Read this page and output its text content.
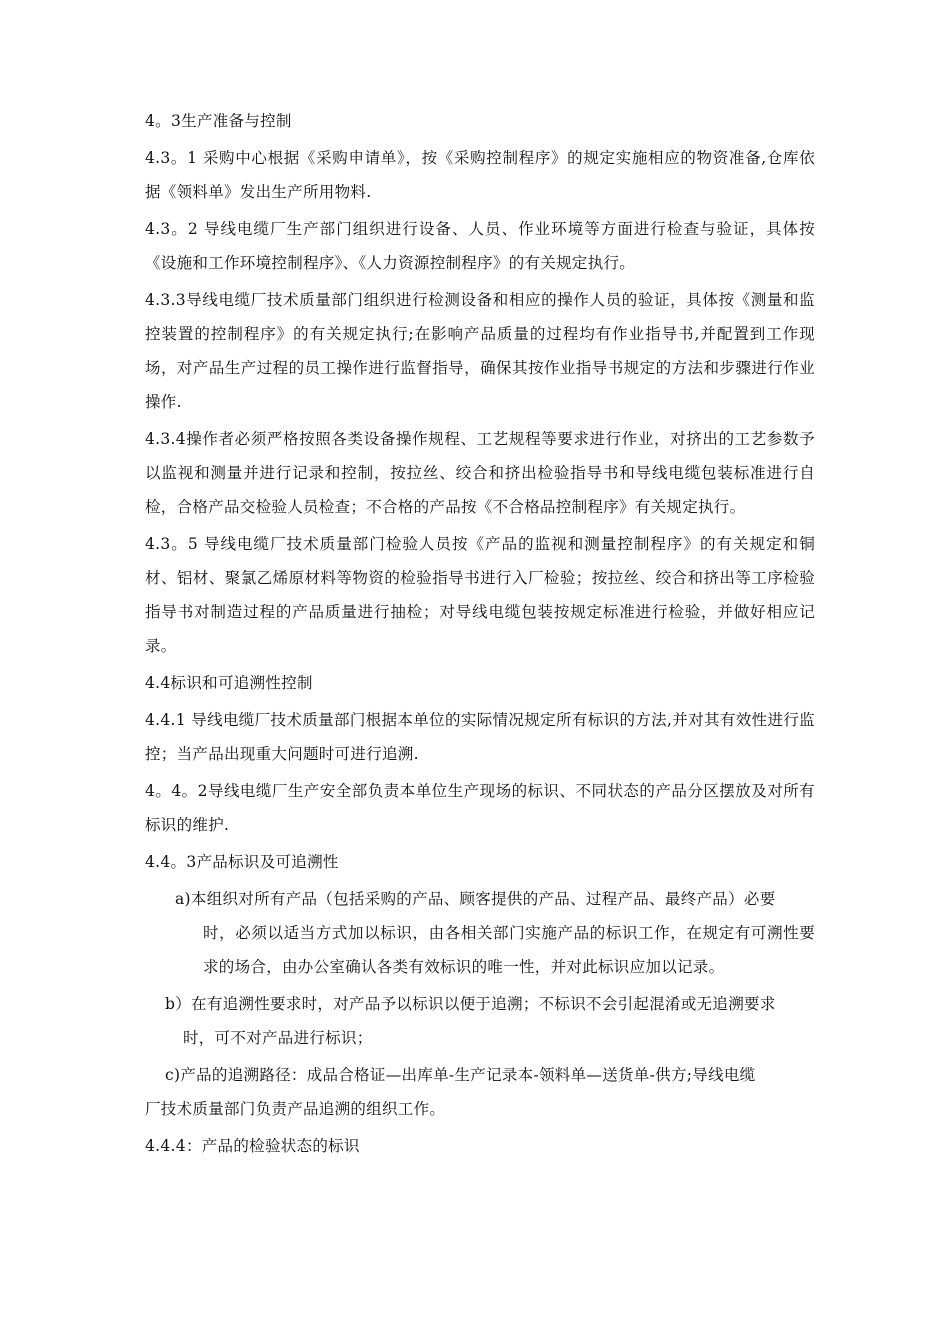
4。3生产准备与控制
4.3。1 采购中心根据《采购申请单》，按《采购控制程序》的规定实施相应的物资准备,仓库依据《领料单》发出生产所用物料.
4.3。2 导线电缆厂生产部门组织进行设备、人员、作业环境等方面进行检查与验证，具体按《设施和工作环境控制程序》、《人力资源控制程序》的有关规定执行。
4.3.3导线电缆厂技术质量部门组织进行检测设备和相应的操作人员的验证，具体按《测量和监控装置的控制程序》的有关规定执行;在影响产品质量的过程均有作业指导书,并配置到工作现场，对产品生产过程的员工操作进行监督指导，确保其按作业指导书规定的方法和步骤进行作业操作.
4.3.4操作者必须严格按照各类设备操作规程、工艺规程等要求进行作业，对挤出的工艺参数予以监视和测量并进行记录和控制，按拉丝、绞合和挤出检验指导书和导线电缆包装标准进行自检，合格产品交检验人员检查；不合格的产品按《不合格品控制程序》有关规定执行。
4.3。5 导线电缆厂技术质量部门检验人员按《产品的监视和测量控制程序》的有关规定和铜材、铝材、聚氯乙烯原材料等物资的检验指导书进行入厂检验；按拉丝、绞合和挤出等工序检验指导书对制造过程的产品质量进行抽检；对导线电缆包装按规定标准进行检验，并做好相应记录。
4.4标识和可追溯性控制
4.4.1 导线电缆厂技术质量部门根据本单位的实际情况规定所有标识的方法,并对其有效性进行监控；当产品出现重大问题时可进行追溯.
4。4。2导线电缆厂生产安全部负责本单位生产现场的标识、不同状态的产品分区摆放及对所有标识的维护.
4.4。3产品标识及可追溯性
a)本组织对所有产品（包括采购的产品、顾客提供的产品、过程产品、最终产品）必要
时，必须以适当方式加以标识，由各相关部门实施产品的标识工作，在规定有可溯性要求的场合，由办公室确认各类有效标识的唯一性，并对此标识应加以记录。
b）在有追溯性要求时，对产品予以标识以便于追溯；不标识不会引起混淆或无追溯要求
时，可不对产品进行标识；
c)产品的追溯路径：成品合格证—出库单-生产记录本-领料单—送货单-供方;导线电缆
厂技术质量部门负责产品追溯的组织工作。
4.4.4：产品的检验状态的标识
